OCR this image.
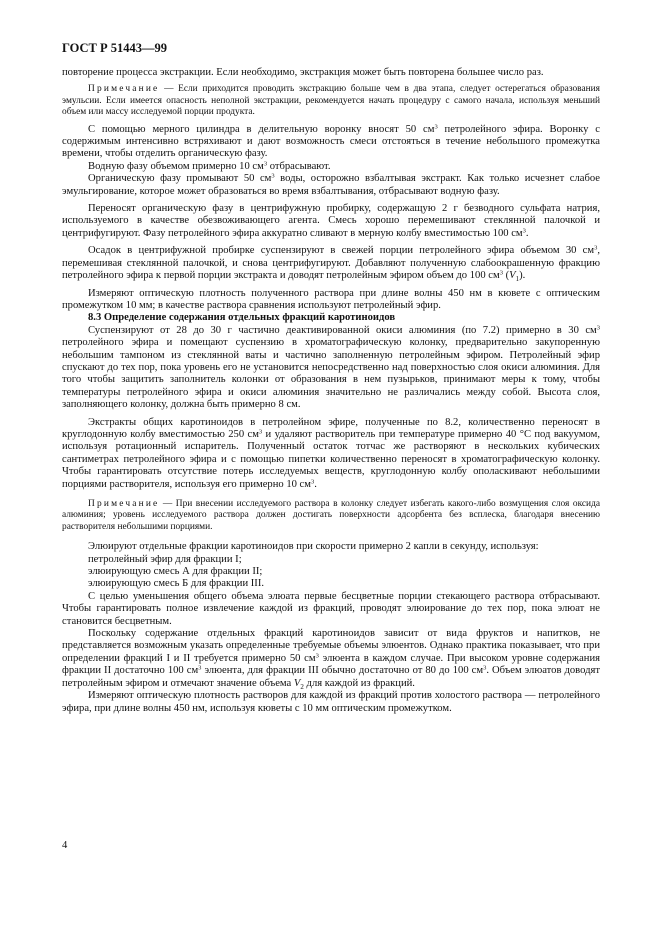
ГОСТ Р 51443—99

повторение процесса экстракции. Если необходимо, экстракция может быть повторена большее число раз.

Примечание — Если приходится проводить экстракцию больше чем в два этапа, следует остерегаться образования эмульсии. Если имеется опасность неполной экстракции, рекомендуется начать процедуру с самого начала, используя меньший объем или массу исследуемой порции продукта.

С помощью мерного цилиндра в делительную воронку вносят 50 $см^3$ петролейного эфира. Воронку с содержимым интенсивно встряхивают и дают возможность смеси отстояться в течение небольшого промежутка времени, чтобы отделить органическую фазу.

Водную фазу объемом примерно 10 $см^3$ отбрасывают.

Органическую фазу промывают 50 $см^3$ воды, осторожно взбалтывая экстракт. Как только исчезнет слабое эмульгирование, которое может образоваться во время взбалтывания, отбрасывают водную фазу.

Переносят органическую фазу в центрифужную пробирку, содержащую 2 г безводного сульфата натрия, используемого в качестве обезвоживающего агента. Смесь хорошо перемешивают стеклянной палочкой и центрифугируют. Фазу петролейного эфира аккуратно сливают в мерную колбу вместимостью 100 $см^3$.

Осадок в центрифужной пробирке суспензируют в свежей порции петролейного эфира объемом 30 $см^3$, перемешивая стеклянной палочкой, и снова центрифугируют. Добавляют полученную слабоокрашенную фракцию петролейного эфира к первой порции экстракта и доводят петролейным эфиром объем до 100 $см^3$ $(V_1)$.

Измеряют оптическую плотность полученного раствора при длине волны 450 нм в кювете с оптическим промежутком 10 мм; в качестве раствора сравнения используют петролейный эфир.

8.3 Определение содержания отдельных фракций каротиноидов

Суспензируют от 28 до 30 г частично деактивированной окиси алюминия (по 7.2) примерно в 30 $см^3$ петролейного эфира и помещают суспензию в хроматографическую колонку, предварительно закупоренную небольшим тампоном из стеклянной ваты и частично заполненную петролейным эфиром. Петролейный эфир спускают до тех пор, пока уровень его не установится непосредственно над поверхностью слоя окиси алюминия. Для того чтобы защитить заполнитель колонки от образования в нем пузырьков, принимают меры к тому, чтобы температуры петролейного эфира и окиси алюминия значительно не различались между собой. Высота слоя, заполняющего колонку, должна быть примерно 8 см.

Экстракты общих каротиноидов в петролейном эфире, полученные по 8.2, количественно переносят в круглодонную колбу вместимостью 250 $см^3$ и удаляют растворитель при температуре примерно 40 °С под вакуумом, используя ротационный испаритель. Полученный остаток тотчас же растворяют в нескольких кубических сантиметрах петролейного эфира и с помощью пипетки количественно переносят в хроматографическую колонку. Чтобы гарантировать отсутствие потерь исследуемых веществ, круглодонную колбу ополаскивают небольшими порциями растворителя, используя его примерно 10 $см^3$.

Примечание — При внесении исследуемого раствора в колонку следует избегать какого-либо возмущения слоя оксида алюминия; уровень исследуемого раствора должен достигать поверхности адсорбента без всплеска, благодаря внесению растворителя небольшими порциями.

Элюируют отдельные фракции каротиноидов при скорости примерно 2 капли в секунду, используя:

петролейный эфир для фракции I;

элюирующую смесь А для фракции II;

элюирующую смесь Б для фракции III.

С целью уменьшения общего объема элюата первые бесцветные порции стекающего раствора отбрасывают. Чтобы гарантировать полное извлечение каждой из фракций, проводят элюирование до тех пор, пока элюат не становится бесцветным.

Поскольку содержание отдельных фракций каротиноидов зависит от вида фруктов и напитков, не представляется возможным указать определенные требуемые объемы элюентов. Однако практика показывает, что при определении фракций I и II требуется примерно 50 $см^3$ элюента в каждом случае. При высоком уровне содержания фракции II достаточно 100 $см^3$ элюента, для фракции III обычно достаточно от 80 до 100 $см^3$. Объем элюатов доводят петролейным эфиром и отмечают значение объема $V_2$ для каждой из фракций.

Измеряют оптическую плотность растворов для каждой из фракций против холостого раствора — петролейного эфира, при длине волны 450 нм, используя кюветы с 10 мм оптическим промежутком.

4
